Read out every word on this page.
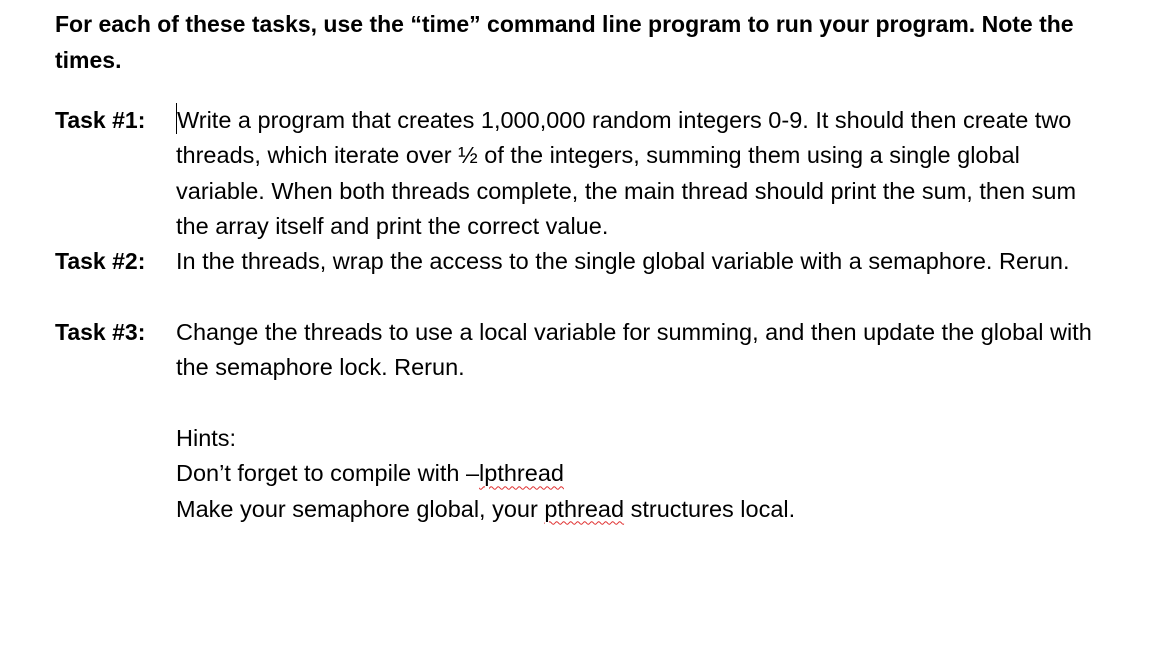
For each of these tasks, use the “time” command line program to run your program. Note the times.

Task #1: Write a program that creates 1,000,000 random integers 0-9. It should then create two threads, which iterate over ½ of the integers, summing them using a single global variable. When both threads complete, the main thread should print the sum, then sum the array itself and print the correct value.

Task #2: In the threads, wrap the access to the single global variable with a semaphore. Rerun.

Task #3: Change the threads to use a local variable for summing, and then update the global with the semaphore lock. Rerun.

Hints:
Don’t forget to compile with –lpthread
Make your semaphore global, your pthread structures local.
